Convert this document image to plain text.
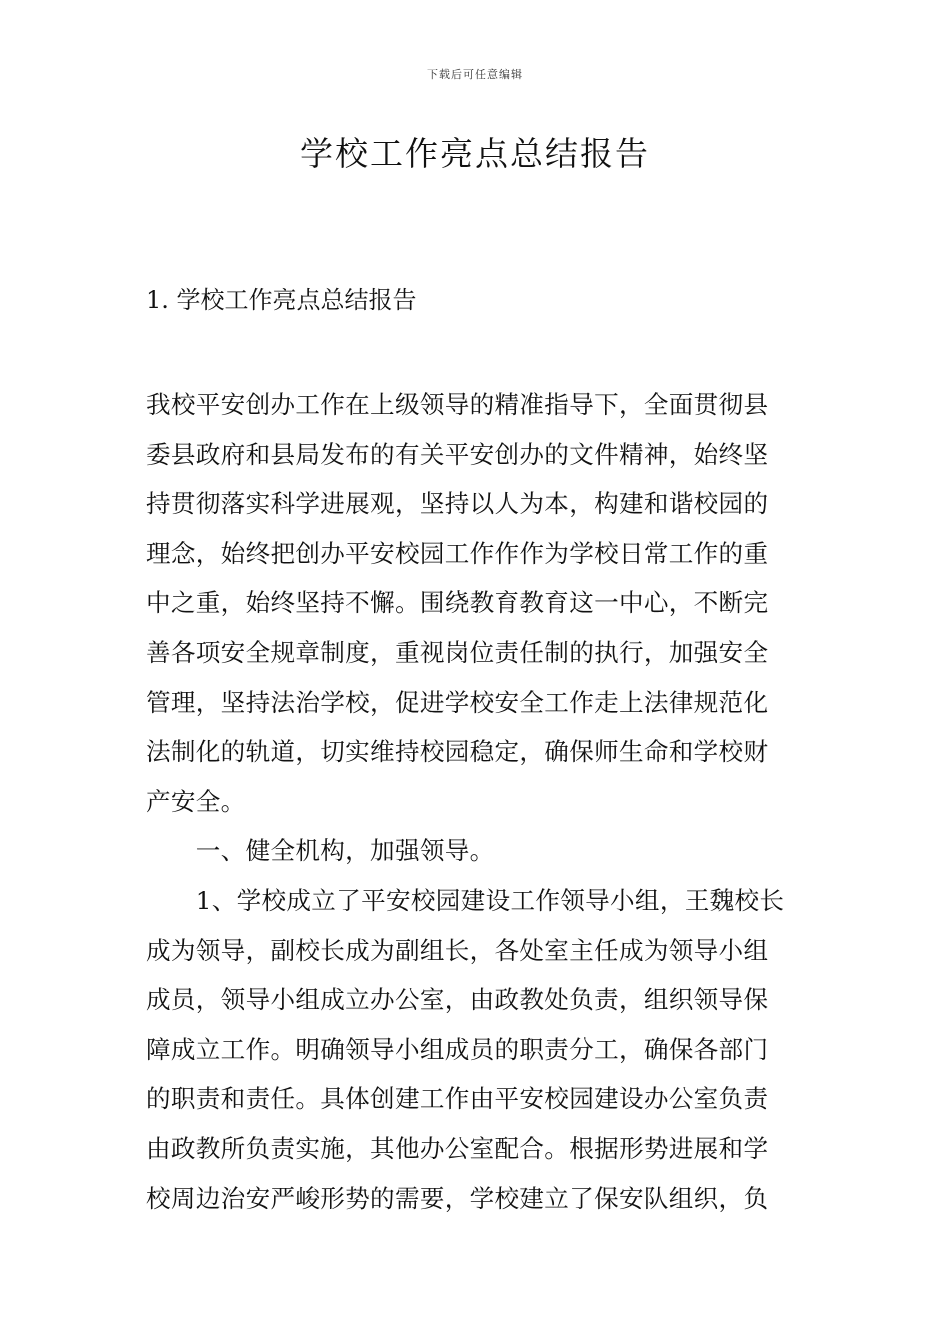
下载后可任意编辑
学校工作亮点总结报告
1. 学校工作亮点总结报告
我校平安创办工作在上级领导的精准指导下，全面贯彻县
委县政府和县局发布的有关平安创办的文件精神，始终坚
持贯彻落实科学进展观，坚持以人为本，构建和谐校园的
理念，始终把创办平安校园工作作作为学校日常工作的重
中之重，始终坚持不懈。围绕教育教育这一中心，不断完
善各项安全规章制度，重视岗位责任制的执行，加强安全
管理，坚持法治学校，促进学校安全工作走上法律规范化
法制化的轨道，切实维持校园稳定，确保师生命和学校财
产安全。
　　一、健全机构，加强领导。
　　1、学校成立了平安校园建设工作领导小组，王魏校长
成为领导，副校长成为副组长，各处室主任成为领导小组
成员，领导小组成立办公室，由政教处负责，组织领导保
障成立工作。明确领导小组成员的职责分工，确保各部门
的职责和责任。具体创建工作由平安校园建设办公室负责
由政教所负责实施，其他办公室配合。根据形势进展和学
校周边治安严峻形势的需要，学校建立了保安队组织，负
